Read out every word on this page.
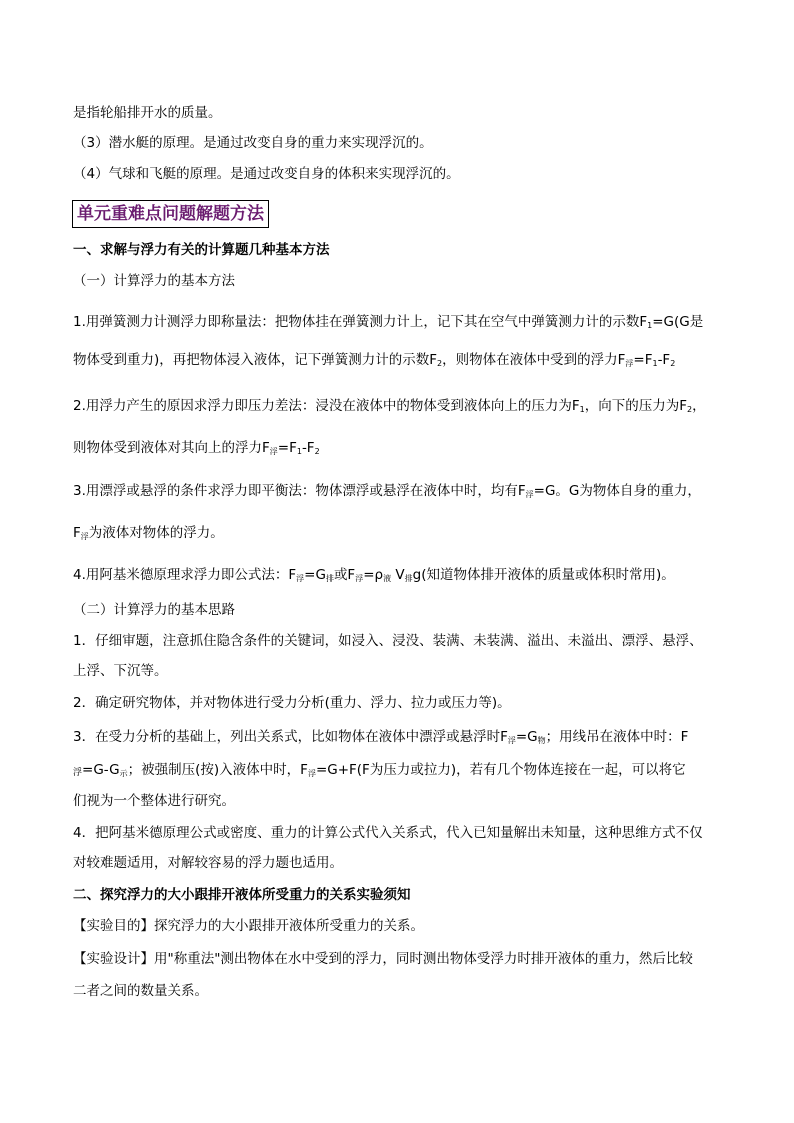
是指轮船排开水的质量。
（3）潜水艇的原理。是通过改变自身的重力来实现浮沉的。
（4）气球和飞艇的原理。是通过改变自身的体积来实现浮沉的。
单元重难点问题解题方法
一、求解与浮力有关的计算题几种基本方法
（一）计算浮力的基本方法
1.用弹簧测力计测浮力即称量法：把物体挂在弹簧测力计上，记下其在空气中弹簧测力计的示数$F_1=G(G$是
物体受到重力)，再把物体浸入液体，记下弹簧测力计的示数$F_2$，则物体在液体中受到的浮力$F_浮=F_1-F_2$
2.用浮力产生的原因求浮力即压力差法：浸没在液体中的物体受到液体向上的压力为$F_1$，向下的压力为$F_2$，
则物体受到液体对其向上的浮力$F_浮=F_1-F_2$
3.用漂浮或悬浮的条件求浮力即平衡法：物体漂浮或悬浮在液体中时，均有$F_浮=G$。G为物体自身的重力，
$F_浮$为液体对物体的浮力。
4.用阿基米德原理求浮力即公式法：$F_浮=G_排$或$F_浮=\rho_液$ $V_排g$(知道物体排开液体的质量或体积时常用)。
（二）计算浮力的基本思路
1．仔细审题，注意抓住隐含条件的关键词，如浸入、浸没、装满、未装满、溢出、未溢出、漂浮、悬浮、
上浮、下沉等。
2．确定研究物体，并对物体进行受力分析(重力、浮力、拉力或压力等)。
3．在受力分析的基础上，列出关系式，比如物体在液体中漂浮或悬浮时$F_浮=G_物$；用线吊在液体中时：F
浮$=G-G_示$；被强制压(按)入液体中时，$F_浮=G+F(F$为压力或拉力)，若有几个物体连接在一起，可以将它
们视为一个整体进行研究。
4．把阿基米德原理公式或密度、重力的计算公式代入关系式，代入已知量解出未知量，这种思维方式不仅
对较难题适用，对解较容易的浮力题也适用。
二、探究浮力的大小跟排开液体所受重力的关系实验须知
【实验目的】探究浮力的大小跟排开液体所受重力的关系。
【实验设计】用"称重法"测出物体在水中受到的浮力，同时测出物体受浮力时排开液体的重力，然后比较
二者之间的数量关系。
